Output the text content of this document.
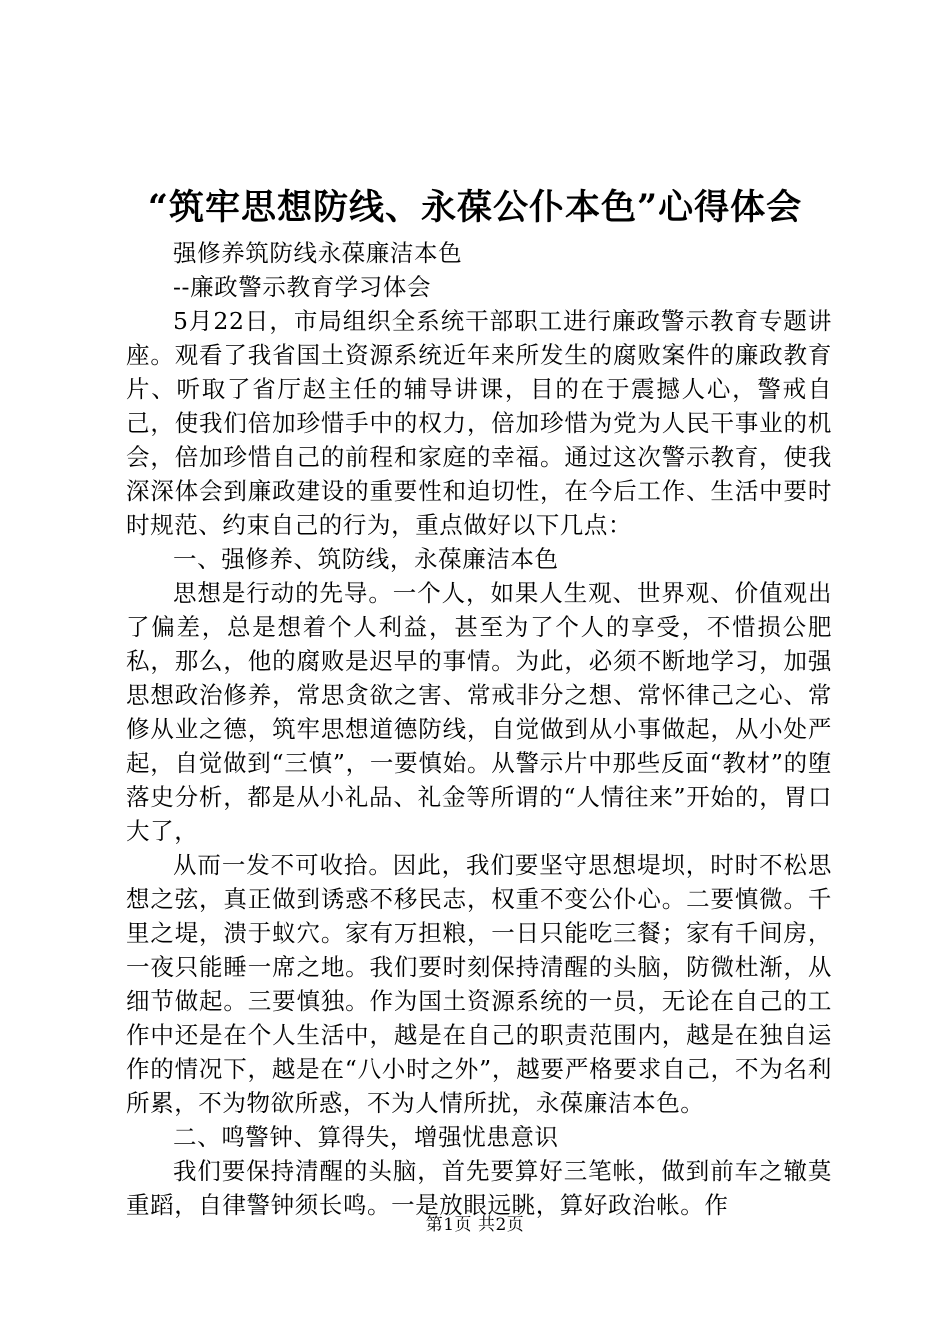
“筑牢思想防线、永葆公仆本色”心得体会

强修养筑防线永葆廉洁本色

--廉政警示教育学习体会

5月22日，市局组织全系统干部职工进行廉政警示教育专题讲座。观看了我省国土资源系统近年来所发生的腐败案件的廉政教育片、听取了省厅赵主任的辅导讲课，目的在于震撼人心，警戒自己，使我们倍加珍惜手中的权力，倍加珍惜为党为人民干事业的机会，倍加珍惜自己的前程和家庭的幸福。通过这次警示教育，使我深深体会到廉政建设的重要性和迫切性，在今后工作、生活中要时时规范、约束自己的行为，重点做好以下几点：

一、强修养、筑防线，永葆廉洁本色

思想是行动的先导。一个人，如果人生观、世界观、价值观出了偏差，总是想着个人利益，甚至为了个人的享受，不惜损公肥私，那么，他的腐败是迟早的事情。为此，必须不断地学习，加强思想政治修养，常思贪欲之害、常戒非分之想、常怀律己之心、常修从业之德，筑牢思想道德防线，自觉做到从小事做起，从小处严起，自觉做到“三慎”，一要慎始。从警示片中那些反面“教材”的堕落史分析，都是从小礼品、礼金等所谓的“人情往来”开始的，胃口大了，

从而一发不可收拾。因此，我们要坚守思想堤坝，时时不松思想之弦，真正做到诱惑不移民志，权重不变公仆心。二要慎微。千里之堤，溃于蚁穴。家有万担粮，一日只能吃三餐；家有千间房，一夜只能睡一席之地。我们要时刻保持清醒的头脑，防微杜渐，从细节做起。三要慎独。作为国土资源系统的一员，无论在自己的工作中还是在个人生活中，越是在自己的职责范围内，越是在独自运作的情况下，越是在“八小时之外”，越要严格要求自己，不为名利所累，不为物欲所惑，不为人情所扰，永葆廉洁本色。

二、鸣警钟、算得失，增强忧患意识

我们要保持清醒的头脑，首先要算好三笔帐，做到前车之辙莫重蹈，自律警钟须长鸣。一是放眼远眺，算好政治帐。作

第1页 共2页
